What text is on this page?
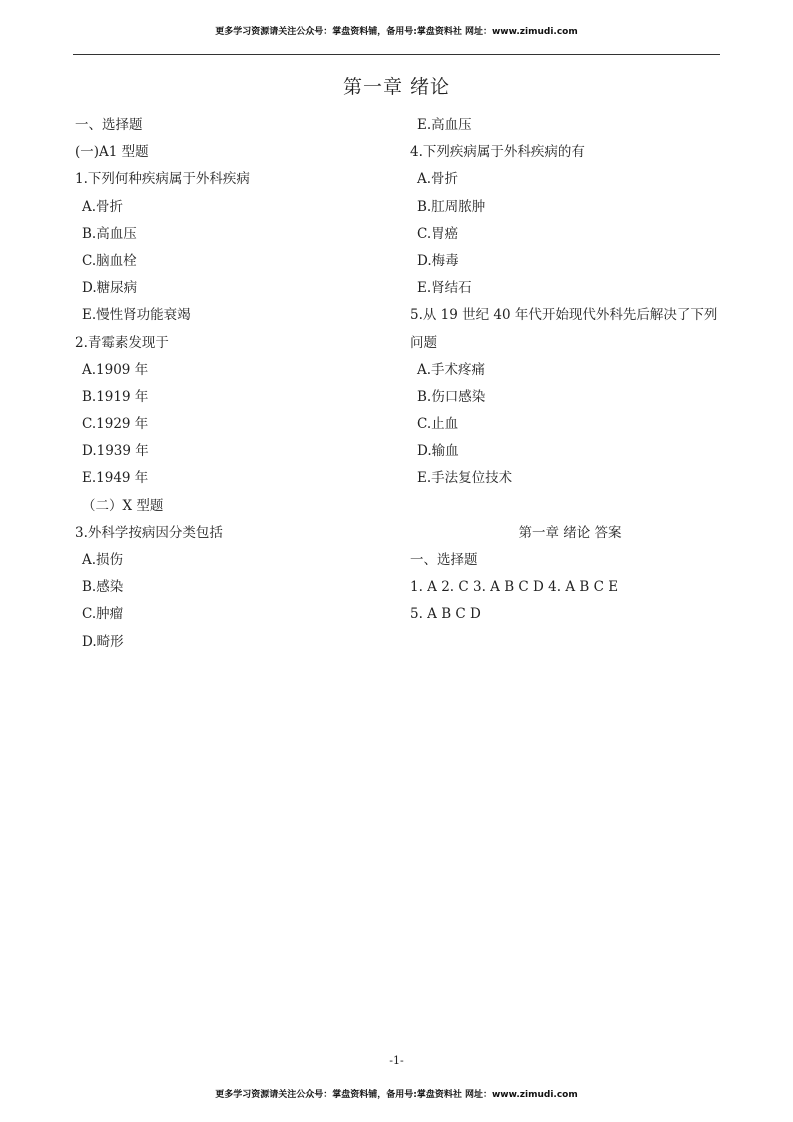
更多学习资源请关注公众号：掌盘资料铺，备用号:掌盘资料社 网址：www.zimudi.com
第一章 绪论
一、选择题
(一)A1 型题
1.下列何种疾病属于外科疾病
A.骨折
B.高血压
C.脑血栓
D.糖尿病
E.慢性肾功能衰竭
2.青霉素发现于
A.1909 年
B.1919 年
C.1929 年
D.1939 年
E.1949 年
（二）X 型题
3.外科学按病因分类包括
A.损伤
B.感染
C.肿瘤
D.畸形
E.高血压
4.下列疾病属于外科疾病的有
A.骨折
B.肛周脓肿
C.胃癌
D.梅毒
E.肾结石
5.从 19 世纪 40 年代开始现代外科先后解决了下列
问题
A.手术疼痛
B.伤口感染
C.止血
D.输血
E.手法复位技术
第一章 绪论 答案
一、选择题
1. A 2. C 3. A B C D 4. A B C E
5. A B C D
-1-
更多学习资源请关注公众号：掌盘资料铺，备用号:掌盘资料社 网址：www.zimudi.com
